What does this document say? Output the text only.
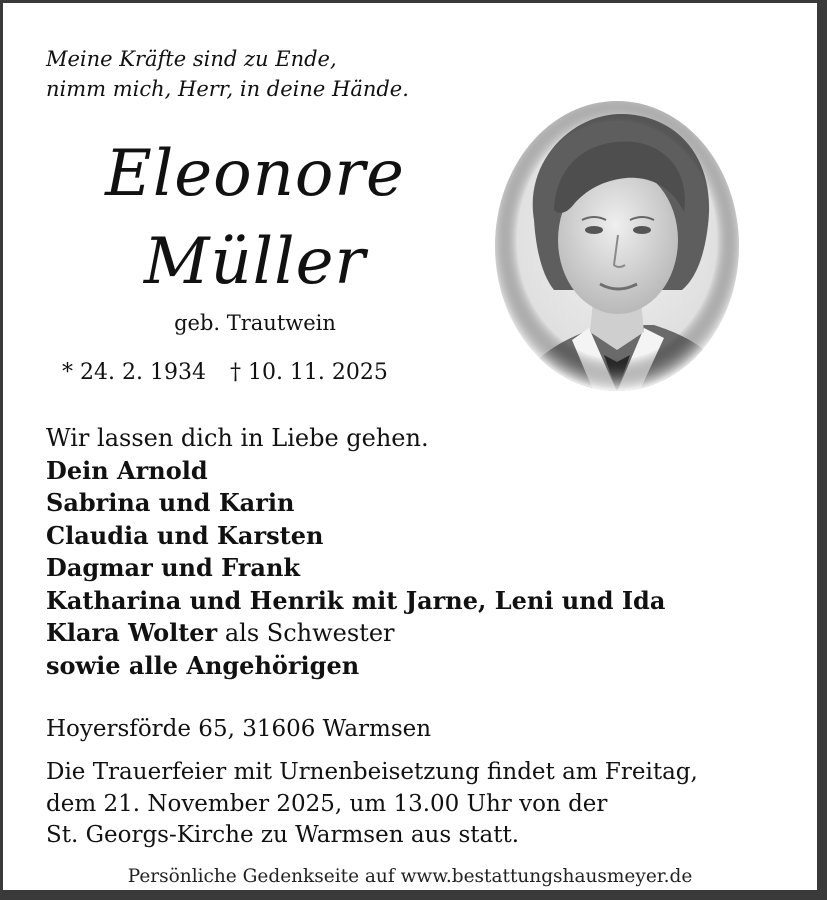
Meine Kräfte sind zu Ende,
nimm mich, Herr, in deine Hände.
Eleonore
Müller
geb. Trautwein
* 24. 2. 1934 † 10. 11. 2025
Wir lassen dich in Liebe gehen.
Dein Arnold
Sabrina und Karin
Claudia und Karsten
Dagmar und Frank
Katharina und Henrik mit Jarne, Leni und Ida
Klara Wolter als Schwester
sowie alle Angehörigen
Hoyersförde 65, 31606 Warmsen
Die Trauerfeier mit Urnenbeisetzung findet am Freitag,
dem 21. November 2025, um 13.00 Uhr von der
St. Georgs-Kirche zu Warmsen aus statt.
Persönliche Gedenkseite auf www.bestattungshausmeyer.de
